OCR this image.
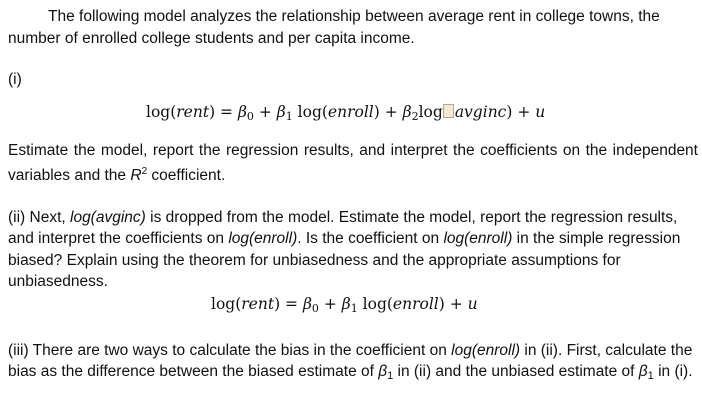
The following model analyzes the relationship between average rent in college towns, the number of enrolled college students and per capita income.

(i)

log(rent) = $\beta_0 + \beta_1$ log(enroll) + $\beta_2\log$ avginc) + u

Estimate the model, report the regression results, and interpret the coefficients on the independent variables and the $R^2$ coefficient.

(ii) Next, log(avginc) is dropped from the model. Estimate the model, report the regression results, and interpret the coefficients on log(enroll). Is the coefficient on log(enroll) in the simple regression biased? Explain using the theorem for unbiasedness and the appropriate assumptions for unbiasedness.

log(rent) = $\beta_0 + \beta_1$ log(enroll) + u

(iii) There are two ways to calculate the bias in the coefficient on log(enroll) in (ii). First, calculate the bias as the difference between the biased estimate of $\beta_1$ in (ii) and the unbiased estimate of $\beta_1$ in (i).
